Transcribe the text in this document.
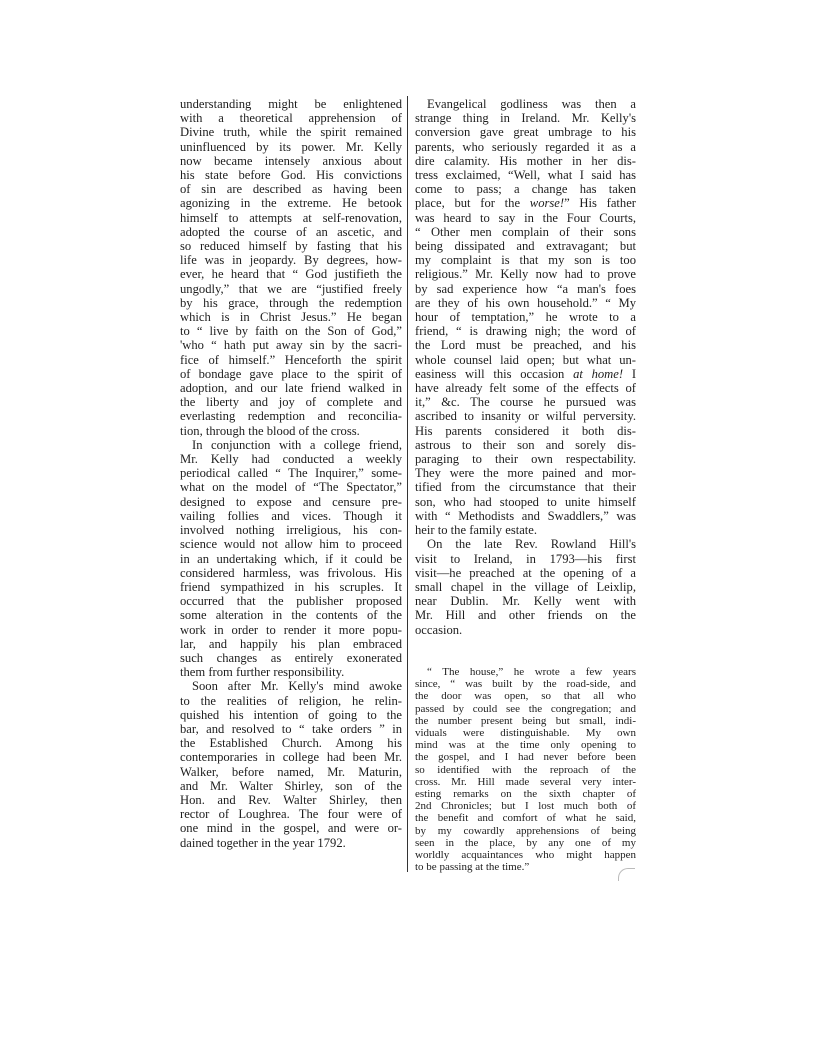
understanding might be enlightened
with a theoretical apprehension of
Divine truth, while the spirit remained
uninfluenced by its power. Mr. Kelly
now became intensely anxious about
his state before God. His convictions
of sin are described as having been
agonizing in the extreme. He betook
himself to attempts at self-renovation,
adopted the course of an ascetic, and
so reduced himself by fasting that his
life was in jeopardy. By degrees, how-
ever, he heard that “ God justifieth the
ungodly,” that we are “justified freely
by his grace, through the redemption
which is in Christ Jesus.” He began
to “ live by faith on the Son of God,”
'who “ hath put away sin by the sacri-
fice of himself.” Henceforth the spirit
of bondage gave place to the spirit of
adoption, and our late friend walked in
the liberty and joy of complete and
everlasting redemption and reconcilia-
tion, through the blood of the cross.
In conjunction with a college friend,
Mr. Kelly had conducted a weekly
periodical called “ The Inquirer,” some-
what on the model of “The Spectator,”
designed to expose and censure pre-
vailing follies and vices. Though it
involved nothing irreligious, his con-
science would not allow him to proceed
in an undertaking which, if it could be
considered harmless, was frivolous. His
friend sympathized in his scruples. It
occurred that the publisher proposed
some alteration in the contents of the
work in order to render it more popu-
lar, and happily his plan embraced
such changes as entirely exonerated
them from further responsibility.
Soon after Mr. Kelly's mind awoke
to the realities of religion, he relin-
quished his intention of going to the
bar, and resolved to “ take orders ” in
the Established Church. Among his
contemporaries in college had been Mr.
Walker, before named, Mr. Maturin,
and Mr. Walter Shirley, son of the
Hon. and Rev. Walter Shirley, then
rector of Loughrea. The four were of
one mind in the gospel, and were or-
dained together in the year 1792.
Evangelical godliness was then a
strange thing in Ireland. Mr. Kelly's
conversion gave great umbrage to his
parents, who seriously regarded it as a
dire calamity. His mother in her dis-
tress exclaimed, “Well, what I said has
come to pass; a change has taken
place, but for the worse!” His father
was heard to say in the Four Courts,
“ Other men complain of their sons
being dissipated and extravagant; but
my complaint is that my son is too
religious.” Mr. Kelly now had to prove
by sad experience how “a man's foes
are they of his own household.” “ My
hour of temptation,” he wrote to a
friend, “ is drawing nigh; the word of
the Lord must be preached, and his
whole counsel laid open; but what un-
easiness will this occasion at home! I
have already felt some of the effects of
it,” &c. The course he pursued was
ascribed to insanity or wilful perversity.
His parents considered it both dis-
astrous to their son and sorely dis-
paraging to their own respectability.
They were the more pained and mor-
tified from the circumstance that their
son, who had stooped to unite himself
with “ Methodists and Swaddlers,” was
heir to the family estate.
On the late Rev. Rowland Hill's
visit to Ireland, in 1793—his first
visit—he preached at the opening of a
small chapel in the village of Leixlip,
near Dublin. Mr. Kelly went with
Mr. Hill and other friends on the
occasion.
“ The house,” he wrote a few years
since, “ was built by the road-side, and
the door was open, so that all who
passed by could see the congregation; and
the number present being but small, indi-
viduals were distinguishable. My own
mind was at the time only opening to
the gospel, and I had never before been
so identified with the reproach of the
cross. Mr. Hill made several very inter-
esting remarks on the sixth chapter of
2nd Chronicles; but I lost much both of
the benefit and comfort of what he said,
by my cowardly apprehensions of being
seen in the place, by any one of my
worldly acquaintances who might happen
to be passing at the time.”
